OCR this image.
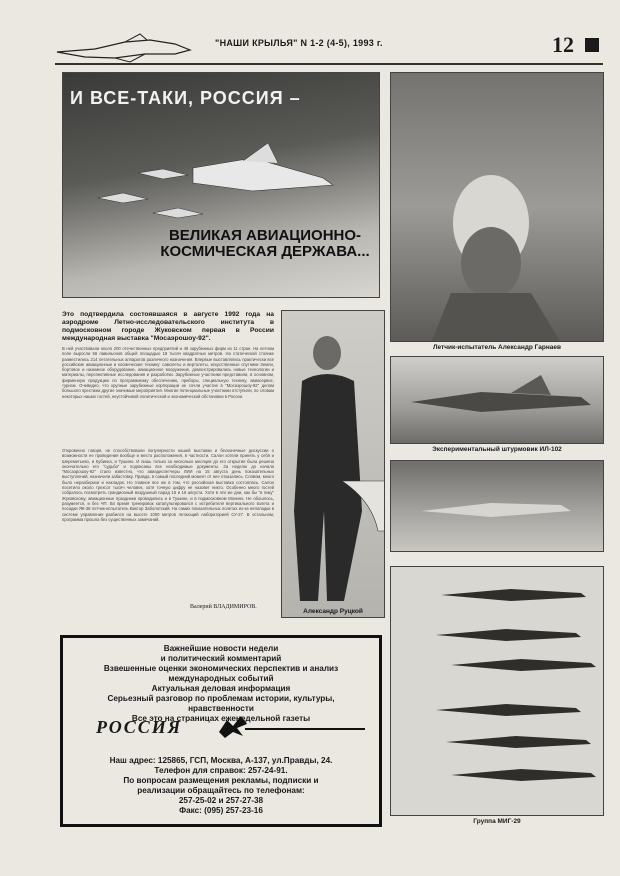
"НАШИ КРЫЛЬЯ" N 1-2 (4-5), 1993 г.	12
И ВСЕ-ТАКИ, РОССИЯ –
ВЕЛИКАЯ АВИАЦИОННО-КОСМИЧЕСКАЯ ДЕРЖАВА...
Это подтвердила состоявшаяся в августе 1992 года на аэродроме Летно-исследовательского института в подмосковном городе Жуковском первая в России международная выставка "Мосаэрошоу-92".
В ней участвовали около 200 отечественных предприятий и 49 зарубежных фирм из 11 стран. На летном поле выросли 56 павильонов общей площадью 18 тысяч квадратных метров. На статической стоянке разместились 214 летательных аппаратов различного назначения. Впервые выставлялись практически все российские авиационные и космические технику: самолеты и вертолеты, искусственные спутники Земли, бортовое и наземное оборудование, авиационное вооружение, демонстрировались новые технологии и материалы, перспективные исследования и разработки. Зарубежные участники представили, в основном, фирменную продукцию по программному обеспечению, приборы, специальную технику, авиасервис, туризм. Очевидно, что крупные зарубежные корпорации не сочли участие в "Мосаэрошоу-92" делом большого престижа другие значимые мероприятия. Многие потенциальные участники отступили, по словам некоторых наших гостей, неустойчивой политической и экономической обстановки в России.
Откровенно говоря, не способствовали популярности нашей выставки и бесконечные дискуссии о возможности ее проведения вообще и место расположения, в частности. Салон хотели принять у себя и Шереметьево, и Кубинка, и Тушино. И лишь только за несколько месяцев до его открытия была решена окончательно его "судьба" и подписаны все необходимые документы. За неделю до начала "Мосаэрошоу-92" стало известно, что авиадиспетчеры ЛИИ на 15 августа день показательных выступлений, назначили забастовку. Правда, в самый последний момент от нее отказались. Словом, много было неразберихи и накладок. Но главное все же в том, что российская выставка состоялась. Салон посетило около трехсот тысяч человек, хотя точную цифру не назовет никто. Особенно много гостей собралось посмотреть грандиозный воздушный парад 15 и 16 августа. Хотя в эти же дни, как бы "в пику" Жуковскому, авиационные праздники проводились и в Тушине, и в подмосковном Монино. Не обошлось, разумеется, и без ЧП. Во время тренировок катапультировался с истребителя вертикального взлета и посадки ЯК-38 летчик-испытатель Виктор Заболотский. На самих показательных полетах из-за неполадки в системе управления разбился на высоте 1000 метров летающий лабораторией СУ-27. В остальном, программа прошла без существенных замечаний.
Валерий ВЛАДИМИРОВ.
Александр Руцкой
Летчик-испытатель Александр Гарнаев
Экспериментальный штурмовик ИЛ-102
Группа МИГ-29
Важнейшие новости недели
и политический комментарий
Взвешенные оценки экономических перспектив и анализ
международных событий
Актуальная деловая информация
Серьезный разговор по проблемам истории, культуры,
нравственности
Все это на страницах еженедельной газеты
Наш адрес: 125865, ГСП, Москва, А-137, ул.Правды, 24.
Телефон для справок: 257-24-91.
По вопросам размещения рекламы, подписки и
реализации обращайтесь по телефонам:
257-25-02 и 257-27-38
Факс: (095) 257-23-16
РОССИЯ
